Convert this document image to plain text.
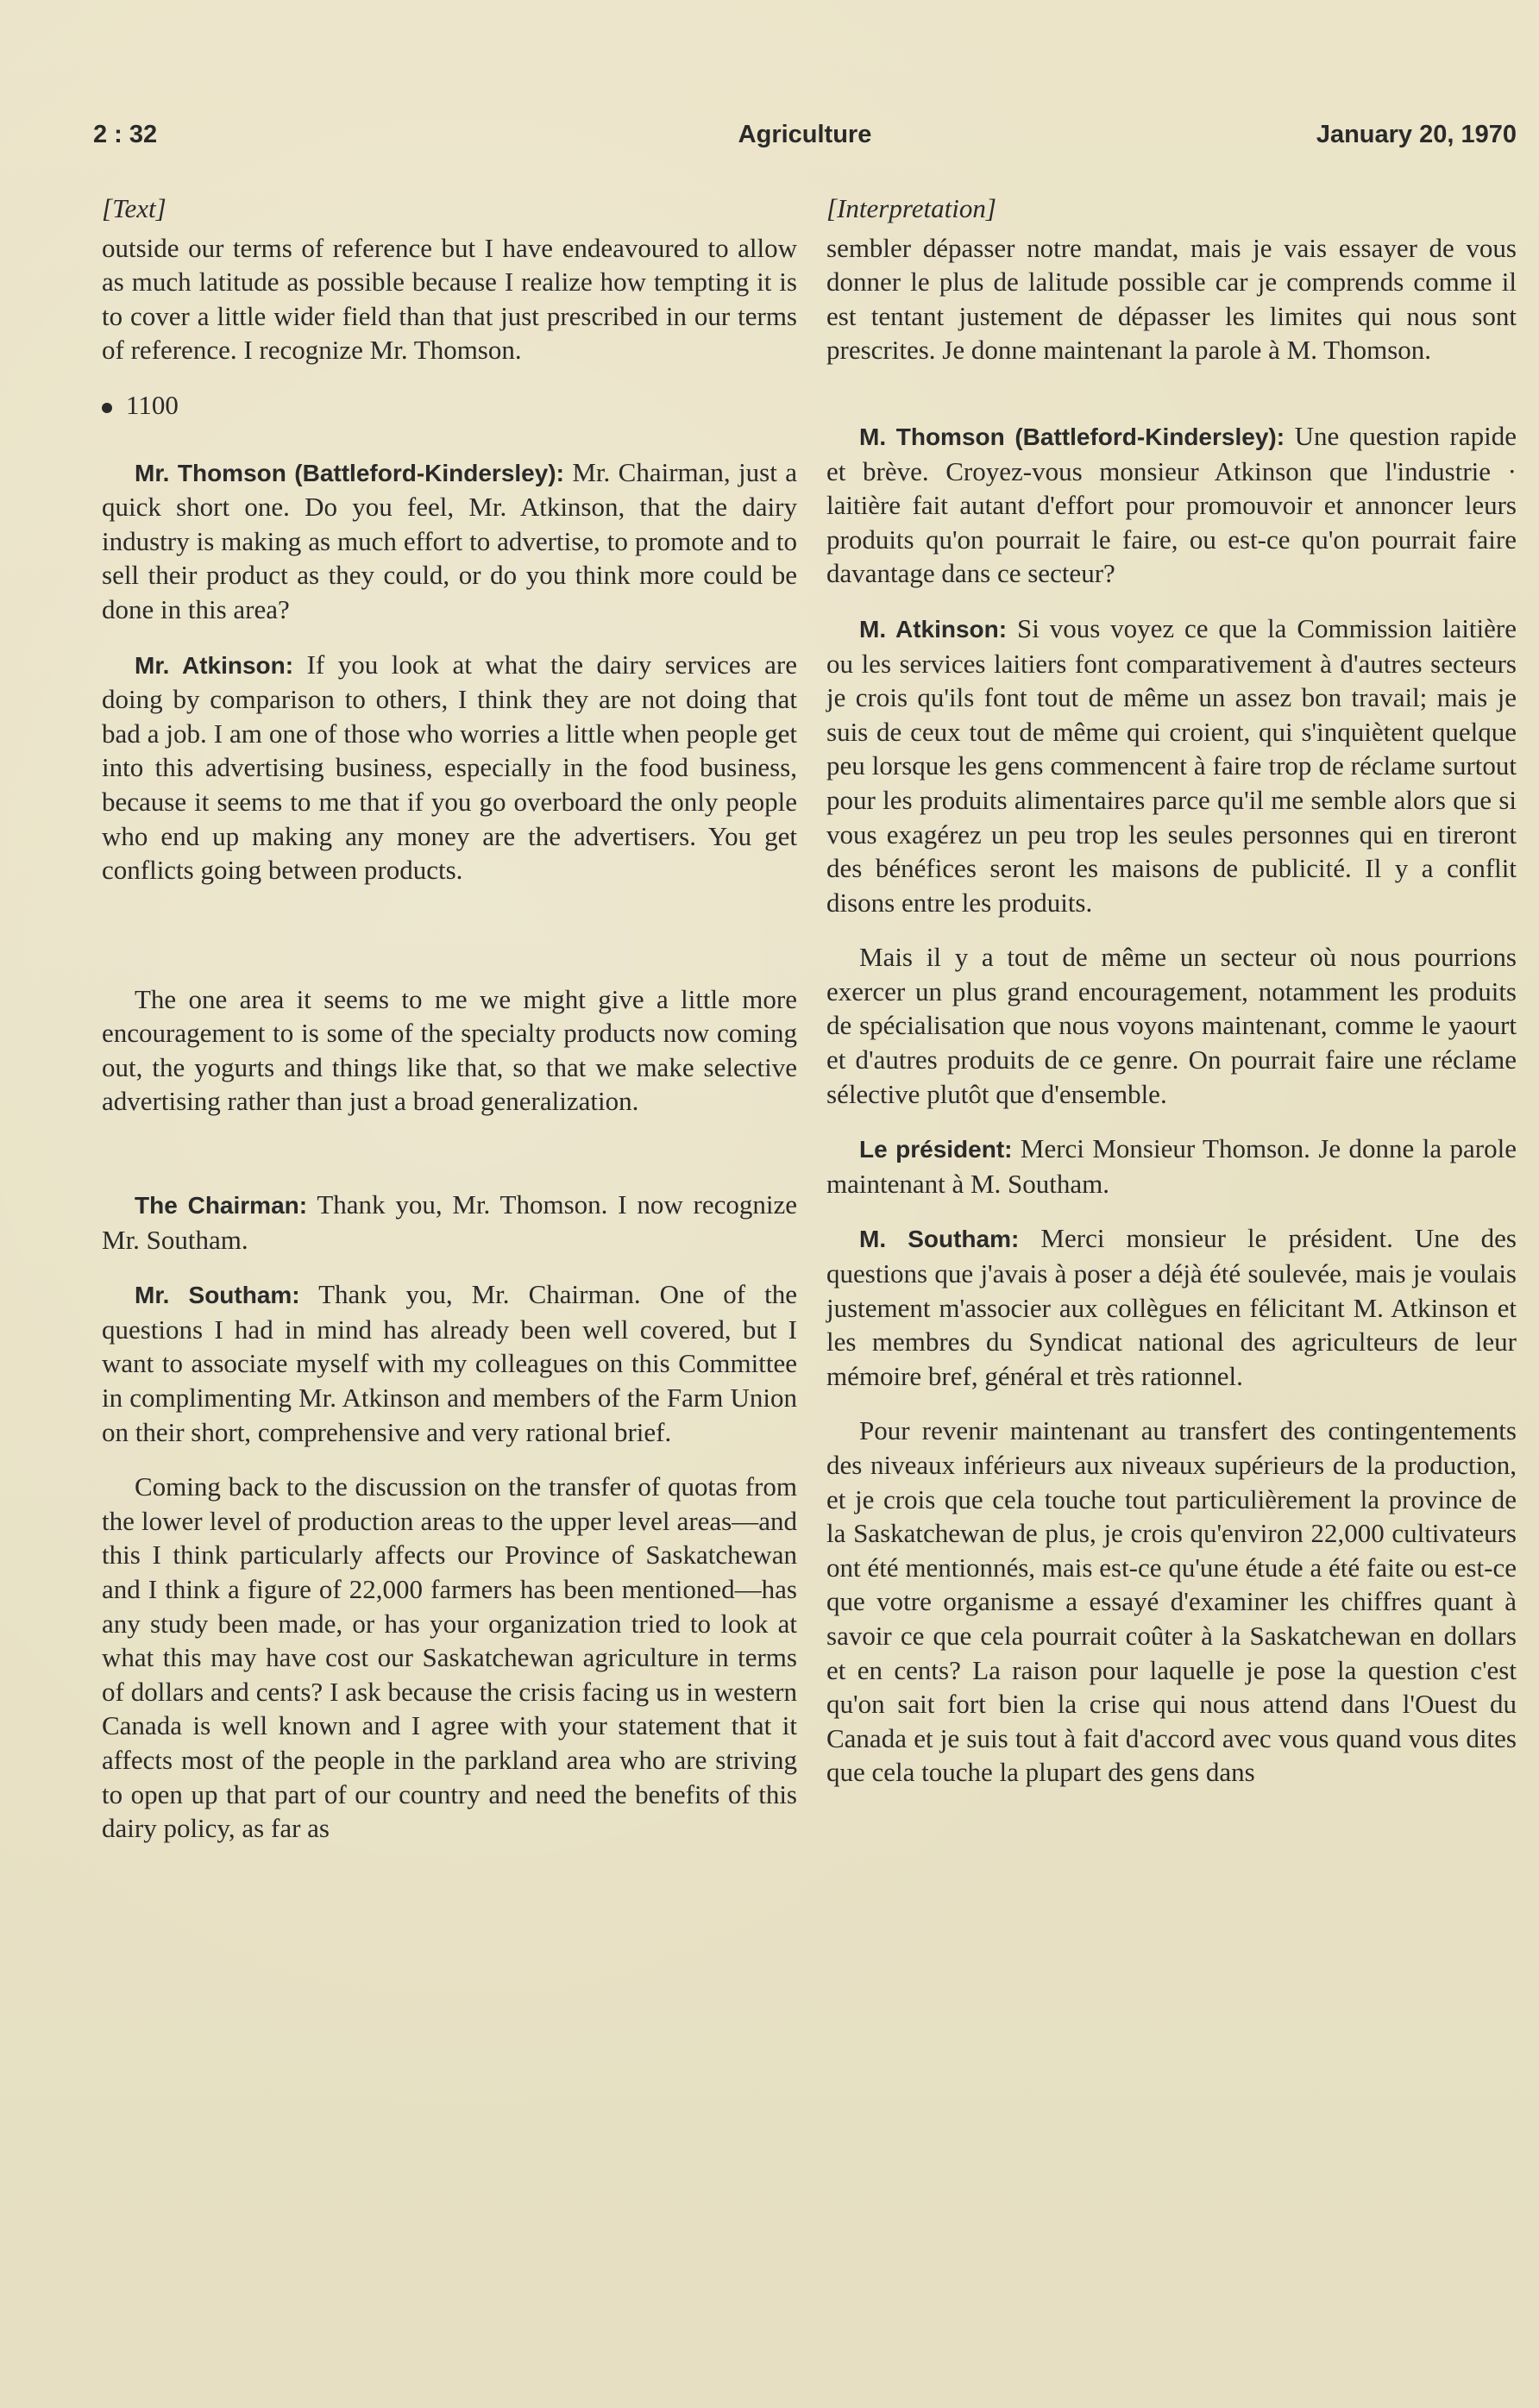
2 : 32	Agriculture	January 20, 1970
[Text]

outside our terms of reference but I have endeavoured to allow as much latitude as possible because I realize how tempting it is to cover a little wider field than that just prescribed in our terms of reference. I recognize Mr. Thomson.

1100

Mr. Thomson (Battleford-Kindersley): Mr. Chairman, just a quick short one. Do you feel, Mr. Atkinson, that the dairy industry is making as much effort to advertise, to promote and to sell their product as they could, or do you think more could be done in this area?

Mr. Atkinson: If you look at what the dairy services are doing by comparison to others, I think they are not doing that bad a job. I am one of those who worries a little when people get into this advertising business, especially in the food business, because it seems to me that if you go overboard the only people who end up making any money are the advertisers. You get conflicts going between products.

The one area it seems to me we might give a little more encouragement to is some of the specialty products now coming out, the yogurts and things like that, so that we make selective advertising rather than just a broad generalization.

The Chairman: Thank you, Mr. Thomson. I now recognize Mr. Southam.

Mr. Southam: Thank you, Mr. Chairman. One of the questions I had in mind has already been well covered, but I want to associate myself with my colleagues on this Committee in complimenting Mr. Atkinson and members of the Farm Union on their short, comprehensive and very rational brief.

Coming back to the discussion on the transfer of quotas from the lower level of production areas to the upper level areas—and this I think particularly affects our Province of Saskatchewan and I think a figure of 22,000 farmers has been mentioned—has any study been made, or has your organization tried to look at what this may have cost our Saskatchewan agriculture in terms of dollars and cents? I ask because the crisis facing us in western Canada is well known and I agree with your statement that it affects most of the people in the parkland area who are striving to open up that part of our country and need the benefits of this dairy policy, as far as

[Interpretation]

sembler dépasser notre mandat, mais je vais essayer de vous donner le plus de lalitude possible car je comprends comme il est tentant justement de dépasser les limites qui nous sont prescrites. Je donne maintenant la parole à M. Thomson.

M. Thomson (Battleford-Kindersley): Une question rapide et brève. Croyez-vous monsieur Atkinson que l'industrie · laitière fait autant d'effort pour promouvoir et annoncer leurs produits qu'on pourrait le faire, ou est-ce qu'on pourrait faire davantage dans ce secteur?

M. Atkinson: Si vous voyez ce que la Commission laitière ou les services laitiers font comparativement à d'autres secteurs je crois qu'ils font tout de même un assez bon travail; mais je suis de ceux tout de même qui croient, qui s'inquiètent quelque peu lorsque les gens commencent à faire trop de réclame surtout pour les produits alimentaires parce qu'il me semble alors que si vous exagérez un peu trop les seules personnes qui en tireront des bénéfices seront les maisons de publicité. Il y a conflit disons entre les produits.

Mais il y a tout de même un secteur où nous pourrions exercer un plus grand encouragement, notamment les produits de spécialisation que nous voyons maintenant, comme le yaourt et d'autres produits de ce genre. On pourrait faire une réclame sélective plutôt que d'ensemble.

Le président: Merci Monsieur Thomson. Je donne la parole maintenant à M. Southam.

M. Southam: Merci monsieur le président. Une des questions que j'avais à poser a déjà été soulevée, mais je voulais justement m'associer aux collègues en félicitant M. Atkinson et les membres du Syndicat national des agriculteurs de leur mémoire bref, général et très rationnel.

Pour revenir maintenant au transfert des contingentements des niveaux inférieurs aux niveaux supérieurs de la production, et je crois que cela touche tout particulièrement la province de la Saskatchewan de plus, je crois qu'environ 22,000 cultivateurs ont été mentionnés, mais est-ce qu'une étude a été faite ou est-ce que votre organisme a essayé d'examiner les chiffres quant à savoir ce que cela pourrait coûter à la Saskatchewan en dollars et en cents? La raison pour laquelle je pose la question c'est qu'on sait fort bien la crise qui nous attend dans l'Ouest du Canada et je suis tout à fait d'accord avec vous quand vous dites que cela touche la plupart des gens dans
